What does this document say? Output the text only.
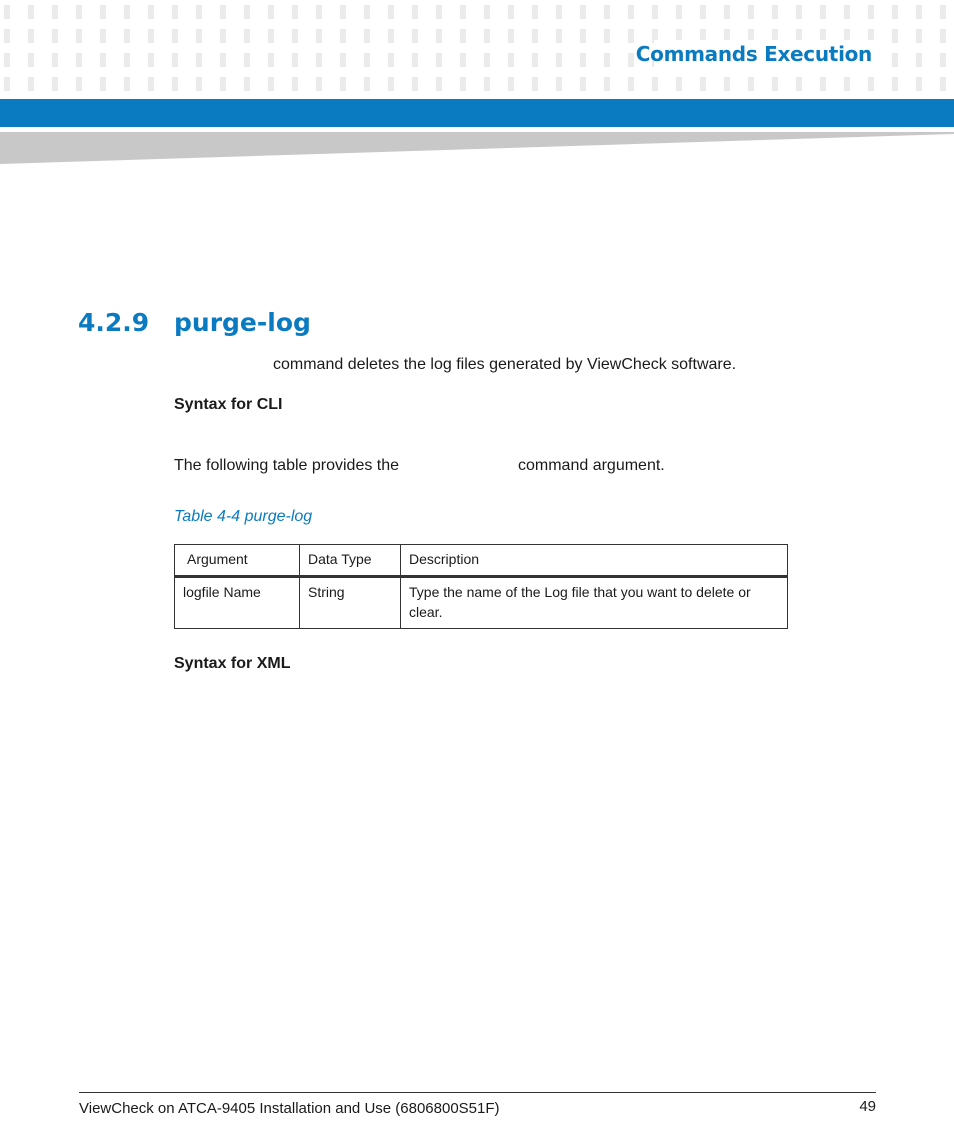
Commands Execution
4.2.9 purge-log
command deletes the log files generated by ViewCheck software.
Syntax for CLI
The following table provides the	command argument.
Table 4-4 purge-log
Argument	Data Type	Description
logfile Name	String	Type the name of the Log file that you want to delete or clear.
Syntax for XML
ViewCheck on ATCA-9405 Installation and Use (6806800S51F)	49
